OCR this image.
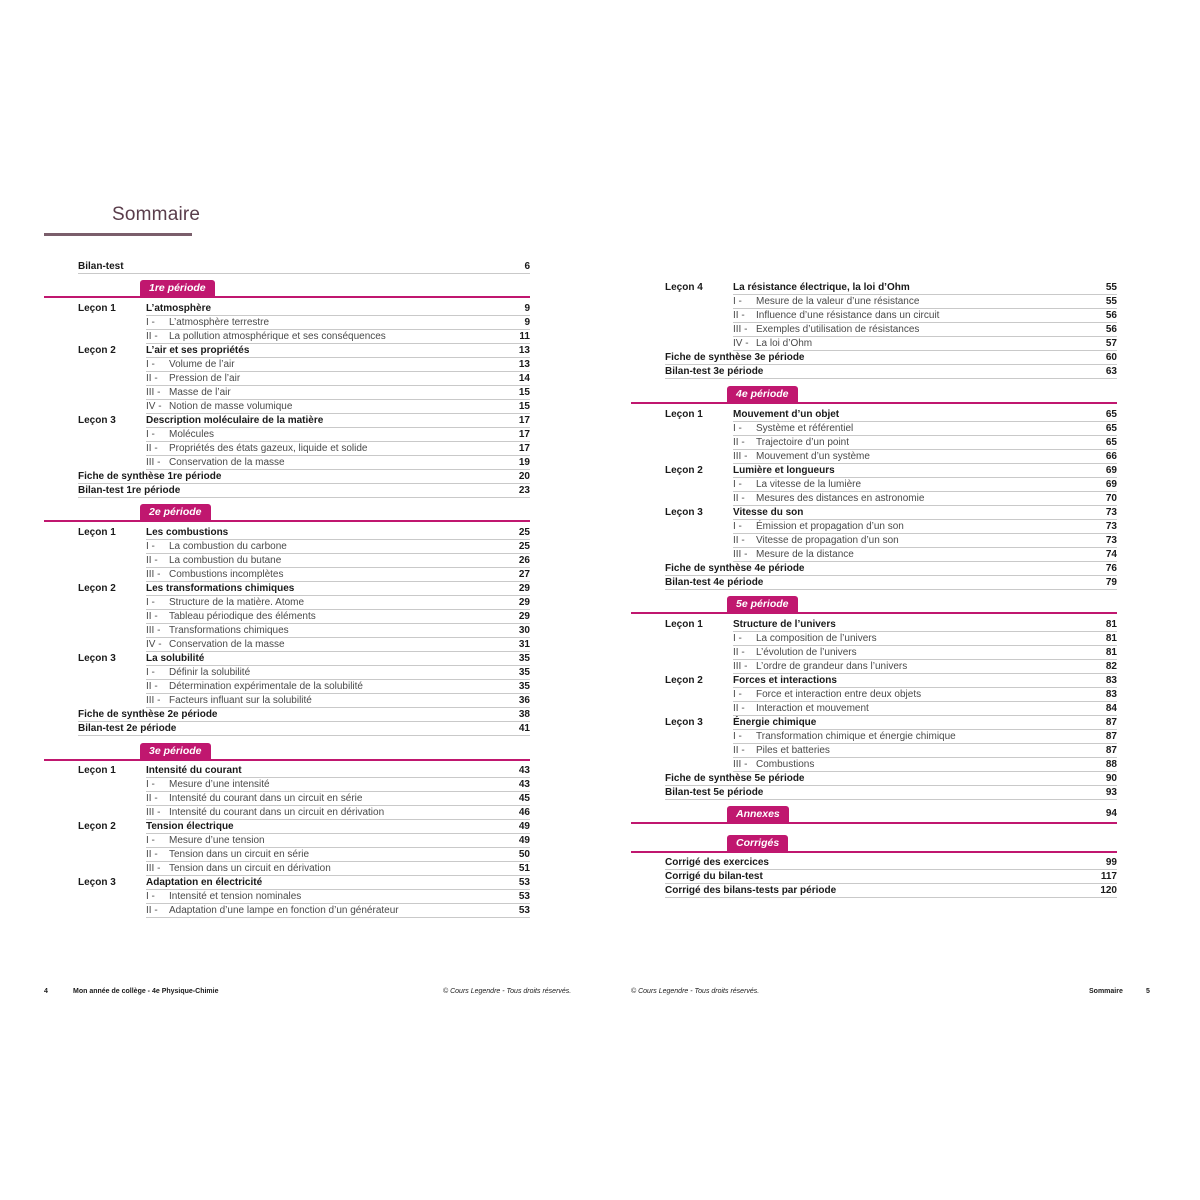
Sommaire
Bilan-test	6
1re période
Leçon 1	L’atmosphère	9
I - L’atmosphère terrestre	9
II - La pollution atmosphérique et ses conséquences	11
Leçon 2	L’air et ses propriétés	13
I - Volume de l’air	13
II - Pression de l’air	14
III - Masse de l’air	15
IV - Notion de masse volumique	15
Leçon 3	Description moléculaire de la matière	17
I - Molécules	17
II - Propriétés des états gazeux, liquide et solide	17
III - Conservation de la masse	19
Fiche de synthèse 1re période	20
Bilan-test 1re période	23
2e période
Leçon 1	Les combustions	25
I - La combustion du carbone	25
II - La combustion du butane	26
III - Combustions incomplètes	27
Leçon 2	Les transformations chimiques	29
I - Structure de la matière. Atome	29
II - Tableau périodique des éléments	29
III - Transformations chimiques	30
IV - Conservation de la masse	31
Leçon 3	La solubilité	35
I - Définir la solubilité	35
II - Détermination expérimentale de la solubilité	35
III - Facteurs influant sur la solubilité	36
Fiche de synthèse 2e période	38
Bilan-test 2e période	41
3e période
Leçon 1	Intensité du courant	43
I - Mesure d’une intensité	43
II - Intensité du courant dans un circuit en série	45
III - Intensité du courant dans un circuit en dérivation	46
Leçon 2	Tension électrique	49
I - Mesure d’une tension	49
II - Tension dans un circuit en série	50
III - Tension dans un circuit en dérivation	51
Leçon 3	Adaptation en électricité	53
I - Intensité et tension nominales	53
II - Adaptation d’une lampe en fonction d’un générateur	53
Leçon 4	La résistance électrique, la loi d’Ohm	55
I - Mesure de la valeur d’une résistance	55
II - Influence d’une résistance dans un circuit	56
III - Exemples d’utilisation de résistances	56
IV - La loi d’Ohm	57
Fiche de synthèse 3e période	60
Bilan-test 3e période	63
4e période
Leçon 1	Mouvement d’un objet	65
I - Système et référentiel	65
II - Trajectoire d’un point	65
III - Mouvement d’un système	66
Leçon 2	Lumière et longueurs	69
I - La vitesse de la lumière	69
II - Mesures des distances en astronomie	70
Leçon 3	Vitesse du son	73
I - Émission et propagation d’un son	73
II - Vitesse de propagation d’un son	73
III - Mesure de la distance	74
Fiche de synthèse 4e période	76
Bilan-test 4e période	79
5e période
Leçon 1	Structure de l’univers	81
I - La composition de l’univers	81
II - L’évolution de l’univers	81
III - L’ordre de grandeur dans l’univers	82
Leçon 2	Forces et interactions	83
I - Force et interaction entre deux objets	83
II - Interaction et mouvement	84
Leçon 3	Énergie chimique	87
I - Transformation chimique et énergie chimique	87
II - Piles et batteries	87
III - Combustions	88
Fiche de synthèse 5e période	90
Bilan-test 5e période	93
Annexes	94
Corrigés
Corrigé des exercices	99
Corrigé du bilan-test	117
Corrigé des bilans-tests par période	120
4	Mon année de collège - 4e Physique-Chimie	© Cours Legendre - Tous droits réservés.	© Cours Legendre - Tous droits réservés.	Sommaire	5
